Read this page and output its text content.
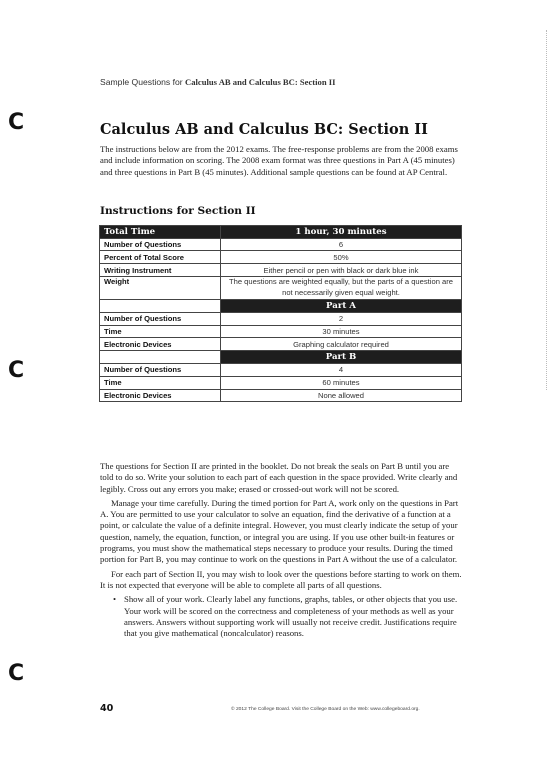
C
C
C
Sample Questions for Calculus AB and Calculus BC: Section II
Calculus AB and Calculus BC: Section II

The instructions below are from the 2012 exams. The free-response problems are from the 2008 exams and include information on scoring. The 2008 exam format was three questions in Part A (45 minutes) and three questions in Part B (45 minutes). Additional sample questions can be found at AP Central.

Instructions for Section II
Total Time	1 hour, 30 minutes
Number of Questions	6
Percent of Total Score	50%
Writing Instrument	Either pencil or pen with black or dark blue ink
Weight	The questions are weighted equally, but the parts of a question are not necessarily given equal weight.
	Part A
Number of Questions	2
Time	30 minutes
Electronic Devices	Graphing calculator required
	Part B
Number of Questions	4
Time	60 minutes
Electronic Devices	None allowed

The questions for Section II are printed in the booklet. Do not break the seals on Part B until you are told to do so. Write your solution to each part of each question in the space provided. Write clearly and legibly. Cross out any errors you make; erased or crossed-out work will not be scored.

Manage your time carefully. During the timed portion for Part A, work only on the questions in Part A. You are permitted to use your calculator to solve an equation, find the derivative of a function at a point, or calculate the value of a definite integral. However, you must clearly indicate the setup of your question, namely, the equation, function, or integral you are using. If you use other built-in features or programs, you must show the mathematical steps necessary to produce your results. During the timed portion for Part B, you may continue to work on the questions in Part A without the use of a calculator.

For each part of Section II, you may wish to look over the questions before starting to work on them. It is not expected that everyone will be able to complete all parts of all questions.

• Show all of your work. Clearly label any functions, graphs, tables, or other objects that you use. Your work will be scored on the correctness and completeness of your methods as well as your answers. Answers without supporting work will usually not receive credit. Justifications require that you give mathematical (noncalculator) reasons.
40	© 2012 The College Board. Visit the College Board on the Web: www.collegeboard.org.
